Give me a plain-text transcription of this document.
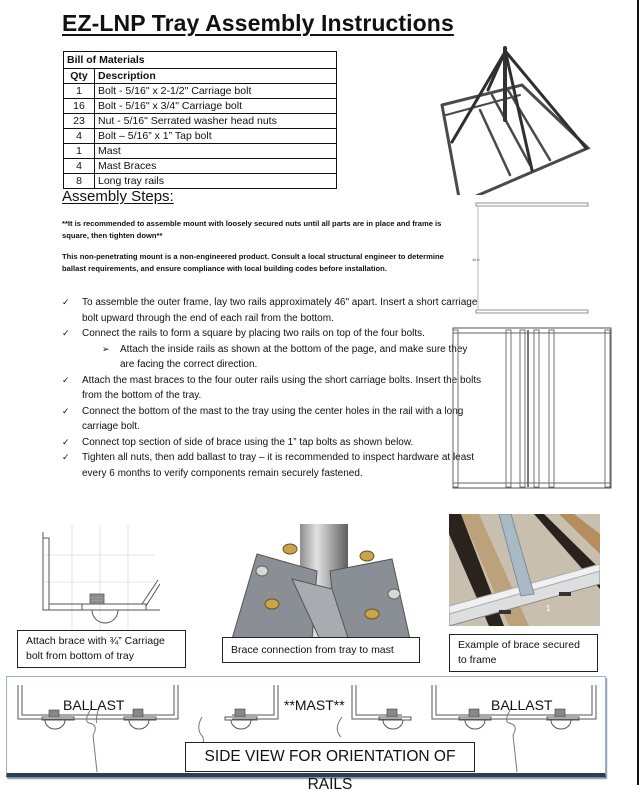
EZ-LNP Tray Assembly Instructions
Bill of Materials	
Qty	Description
1	Bolt - 5/16" x 2-1/2" Carriage bolt
16	Bolt - 5/16" x 3/4" Carriage bolt
23	Nut - 5/16" Serrated washer head nuts
4	Bolt – 5/16” x 1” Tap bolt
1	Mast
4	Mast Braces
8	Long tray rails
Assembly Steps:
**It is recommended to assemble mount with loosely secured nuts until all parts are in place and frame is square, then tighten down**
This non-penetrating mount is a non-engineered product. Consult a local structural engineer to determine ballast requirements, and ensure compliance with local building codes before installation.
✓ To assemble the outer frame, lay two rails approximately 46" apart. Insert a short carriage bolt upward through the end of each rail from the bottom.
✓ Connect the rails to form a square by placing two rails on top of the four bolts.
➢ Attach the inside rails as shown at the bottom of the page, and make sure they are facing the correct direction.
✓ Attach the mast braces to the four outer rails using the short carriage bolts. Insert the bolts from the bottom of the tray.
✓ Connect the bottom of the mast to the tray using the center holes in the rail with a long carriage bolt.
✓ Connect top section of side of brace using the 1” tap bolts as shown below.
✓ Tighten all nuts, then add ballast to tray – it is recommended to inspect hardware at least every 6 months to verify components remain securely fastened.
46 in
Attach brace with ¾” Carriage bolt from bottom of tray	Brace connection from tray to mast
1
Example of brace secured to frame
BALLAST	**MAST**	BALLAST
SIDE VIEW FOR ORIENTATION OF RAILS
